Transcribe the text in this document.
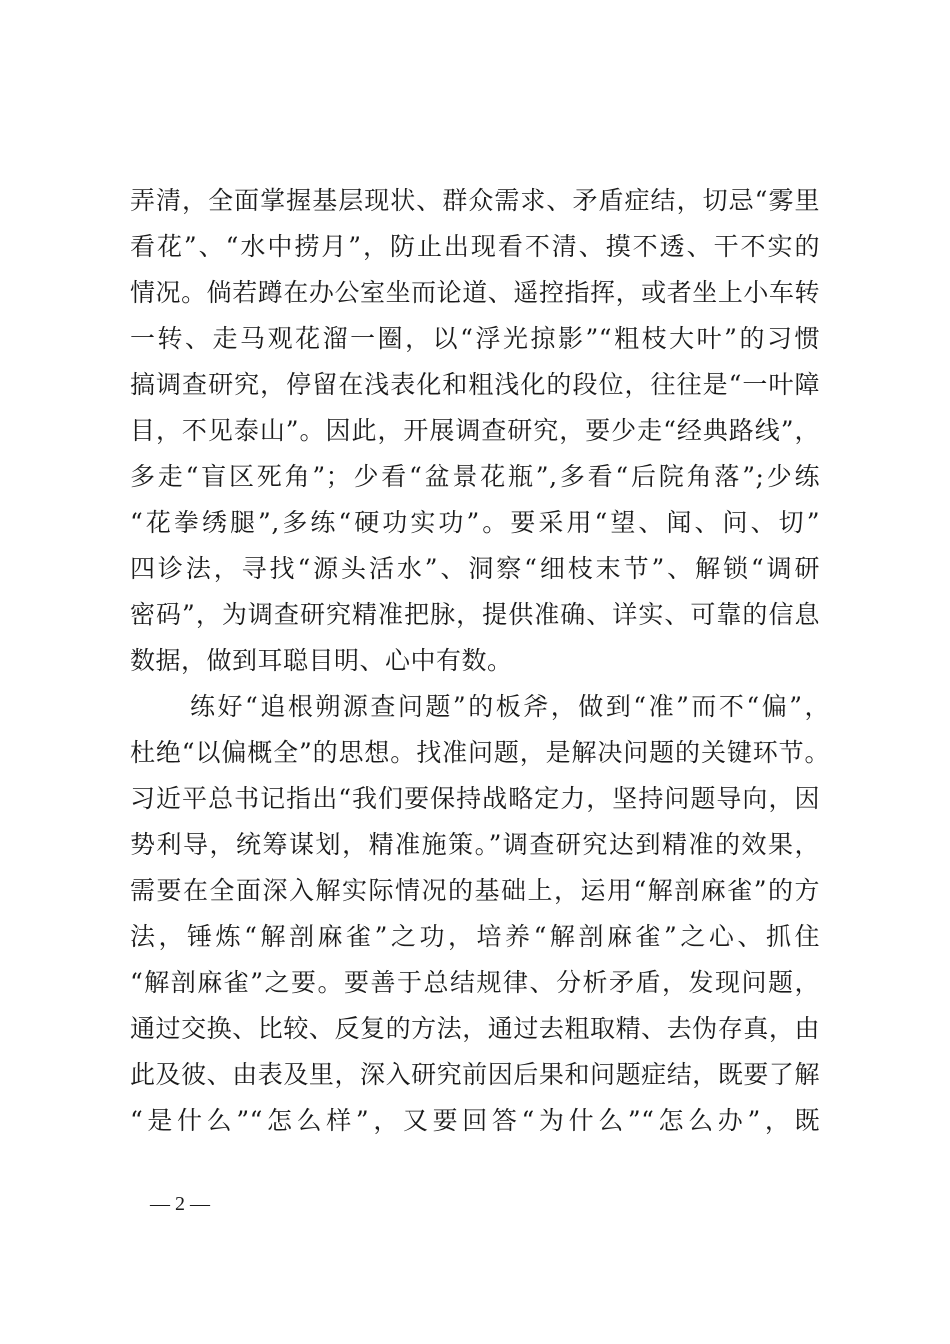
弄清，全面掌握基层现状、群众需求、矛盾症结，切忌“雾里
看花”、“水中捞月”，防止出现看不清、摸不透、干不实的
情况。倘若蹲在办公室坐而论道、遥控指挥，或者坐上小车转
一转、走马观花溜一圈，以“浮光掠影”“粗枝大叶”的习惯
搞调查研究，停留在浅表化和粗浅化的段位，往往是“一叶障
目，不见泰山”。因此，开展调查研究，要少走“经典路线”，
多走“盲区死角”；少看“盆景花瓶”,多看“后院角落”;少练
“花拳绣腿”,多练“硬功实功”。要采用“望、闻、问、切”
四诊法，寻找“源头活水”、洞察“细枝末节”、解锁“调研
密码”，为调查研究精准把脉，提供准确、详实、可靠的信息
数据，做到耳聪目明、心中有数。
练好“追根朔源查问题”的板斧，做到“准”而不“偏”，
杜绝“以偏概全”的思想。找准问题，是解决问题的关键环节。
习近平总书记指出“我们要保持战略定力，坚持问题导向，因
势利导，统筹谋划，精准施策。”调查研究达到精准的效果，
需要在全面深入解实际情况的基础上，运用“解剖麻雀”的方
法，锤炼“解剖麻雀”之功，培养“解剖麻雀”之心、抓住
“解剖麻雀”之要。要善于总结规律、分析矛盾，发现问题，
通过交换、比较、反复的方法，通过去粗取精、去伪存真，由
此及彼、由表及里，深入研究前因后果和问题症结，既要了解
“是什么”“怎么样”，又要回答“为什么”“怎么办”，既
— 2 —
